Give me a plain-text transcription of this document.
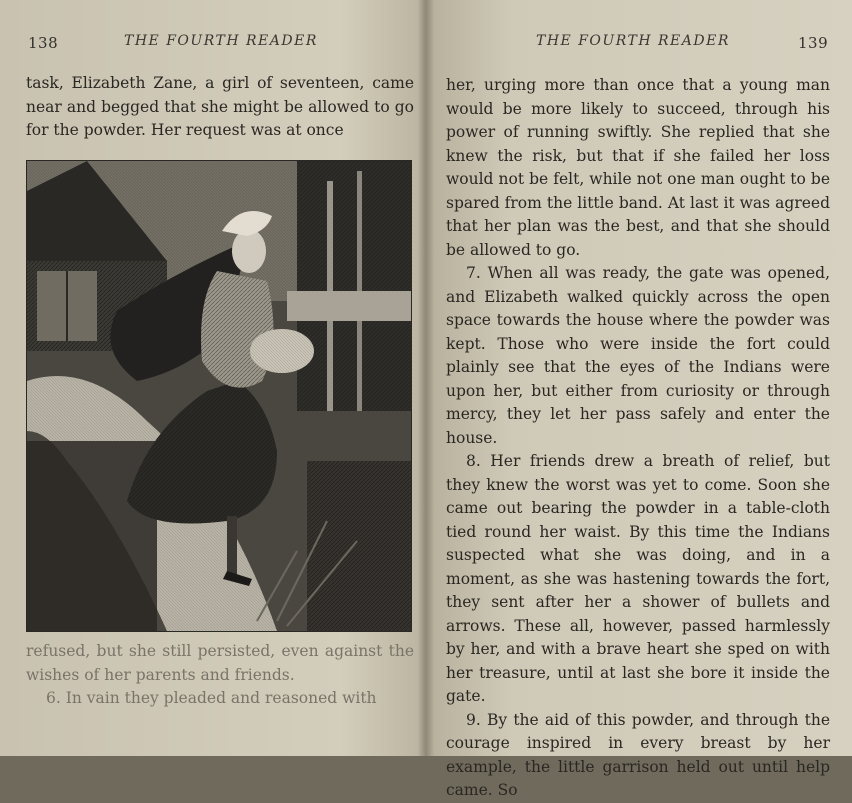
138	THE FOURTH READER

task, Elizabeth Zane, a girl of seventeen, came near and begged that she might be allowed to go for the powder. Her request was at once

refused, but she still persisted, even against the wishes of her parents and friends.

6. In vain they pleaded and reasoned with

THE FOURTH READER	139

her, urging more than once that a young man would be more likely to succeed, through his power of running swiftly. She replied that she knew the risk, but that if she failed her loss would not be felt, while not one man ought to be spared from the little band. At last it was agreed that her plan was the best, and that she should be allowed to go.

7. When all was ready, the gate was opened, and Elizabeth walked quickly across the open space towards the house where the powder was kept. Those who were inside the fort could plainly see that the eyes of the Indians were upon her, but either from curiosity or through mercy, they let her pass safely and enter the house.

8. Her friends drew a breath of relief, but they knew the worst was yet to come. Soon she came out bearing the powder in a table-cloth tied round her waist. By this time the Indians suspected what she was doing, and in a moment, as she was hastening towards the fort, they sent after her a shower of bullets and arrows. These all, however, passed harmlessly by her, and with a brave heart she sped on with her treasure, until at last she bore it inside the gate.

9. By the aid of this powder, and through the courage inspired in every breast by her example, the little garrison held out until help came. So
